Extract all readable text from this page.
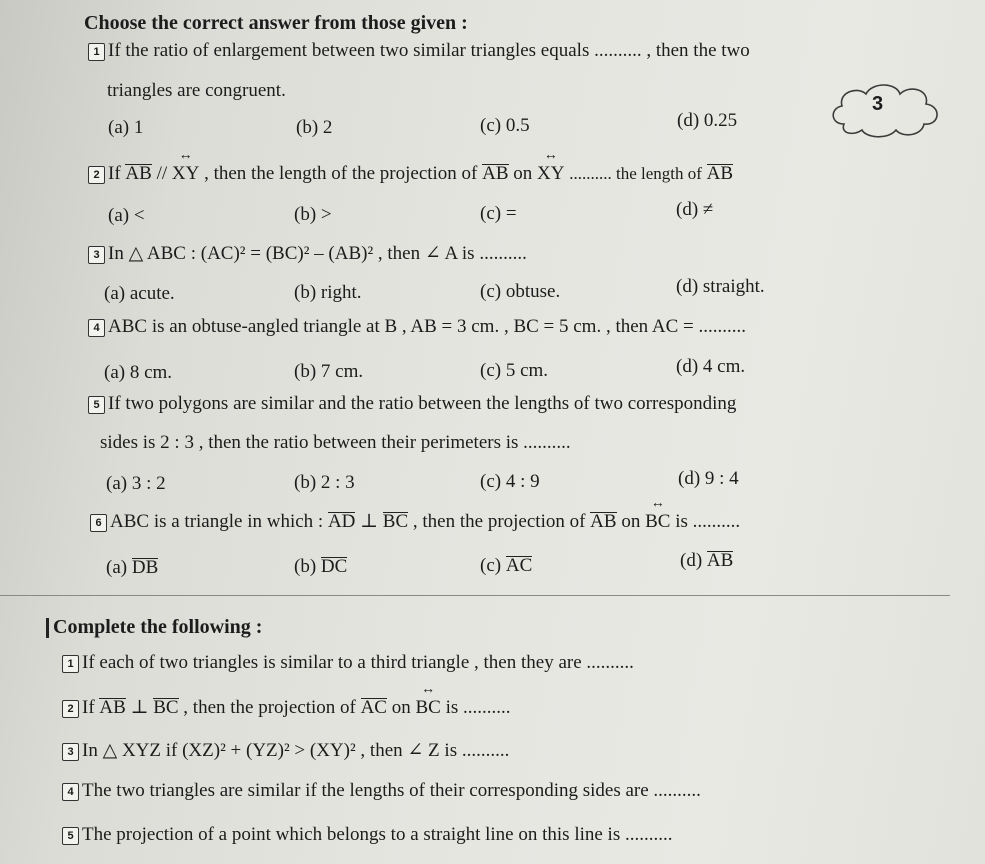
Choose the correct answer from those given :
1 If the ratio of enlargement between two similar triangles equals .......... , then the two
triangles are congruent.
(a) 1	(b) 2	(c) 0.5	(d) 0.25
3
2 If AB // ↔ XY , then the length of the projection of AB on ↔ XY .......... the length of AB
(a) <	(b) >	(c) =	(d) ≠
3 In △ ABC : (AC)² = (BC)² – (AB)² , then ∠ A is ..........
(a) acute.	(b) right.	(c) obtuse.	(d) straight.
4 ABC is an obtuse-angled triangle at B , AB = 3 cm. , BC = 5 cm. , then AC = ..........
(a) 8 cm.	(b) 7 cm.	(c) 5 cm.	(d) 4 cm.
5 If two polygons are similar and the ratio between the lengths of two corresponding
sides is 2 : 3 , then the ratio between their perimeters is ..........
(a) 3 : 2	(b) 2 : 3	(c) 4 : 9	(d) 9 : 4
6 ABC is a triangle in which : AD ⊥ BC , then the projection of AB on ↔ BC is ..........
(a) DB	(b) DC	(c) AC	(d) AB
Complete the following :
1 If each of two triangles is similar to a third triangle , then they are ..........
2 If AB ⊥ BC , then the projection of AC on ↔ BC is ..........
3 In △ XYZ if (XZ)² + (YZ)² > (XY)² , then ∠ Z is ..........
4 The two triangles are similar if the lengths of their corresponding sides are ..........
5 The projection of a point which belongs to a straight line on this line is ..........
